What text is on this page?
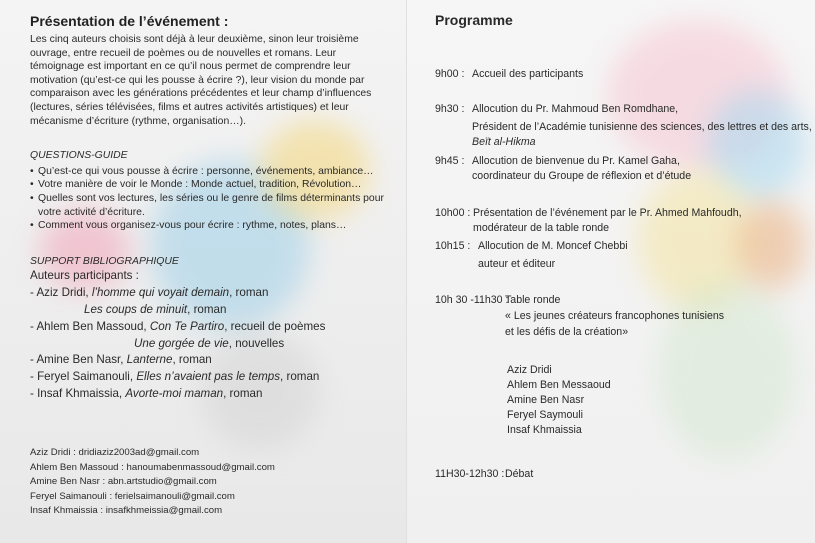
Présentation de l’événement :

Les cinq auteurs choisis sont déjà à leur deuxième, sinon leur troisième ouvrage, entre recueil de poèmes ou de nouvelles et romans. Leur témoignage est important en ce qu’il nous permet de comprendre leur motivation (qu’est-ce qui les pousse à écrire ?), leur vision du monde par comparaison avec les générations précédentes et leur champ d’influences (lectures, séries télévisées, films et autres activités artistiques) et leur mécanisme d’écriture (rythme, organisation…).

QUESTIONS-GUIDE
• Qu’est-ce qui vous pousse à écrire : personne, événements, ambiance…
• Votre manière de voir le Monde : Monde actuel, tradition, Révolution…
• Quelles sont vos lectures, les séries ou le genre de films déterminants pour votre activité d’écriture.
• Comment vous organisez-vous pour écrire : rythme, notes, plans…
SUPPORT BIBLIOGRAPHIQUE
Auteurs participants :
- Aziz Dridi, l’homme qui voyait demain, roman
Les coups de minuit, roman
- Ahlem Ben Massoud, Con Te Partiro, recueil de poèmes
Une gorgée de vie, nouvelles
- Amine Ben Nasr, Lanterne, roman
- Feryel Saimanouli, Elles n’avaient pas le temps, roman
- Insaf Khmaissia, Avorte-moi maman, roman
Aziz Dridi : dridiaziz2003ad@gmail.com
Ahlem Ben Massoud : hanoumabenmassoud@gmail.com
Amine Ben Nasr : abn.artstudio@gmail.com
Feryel Saimanouli : ferielsaimanouli@gmail.com
Insaf Khmaissia : insafkhmeissia@gmail.com
Programme
9h00 : Accueil des participants
9h30 : Allocution du Pr. Mahmoud Ben Romdhane,
Président de l’Académie tunisienne des sciences, des lettres et des arts,
Beït al-Hikma
9h45 : Allocution de bienvenue du Pr. Kamel Gaha,
coordinateur du Groupe de réflexion et d’étude
10h00 : Présentation de l’événement par le Pr. Ahmed Mahfoudh,
modérateur de la table ronde
10h15 : Allocution de M. Moncef Chebbi
auteur et éditeur
10h 30 -11h30 :
Table ronde
« Les jeunes créateurs francophones tunisiens
et les défis de la création»
Aziz Dridi
Ahlem Ben Messaoud
Amine Ben Nasr
Feryel Saymouli
Insaf Khmaissia
11H30-12h30 : Débat
